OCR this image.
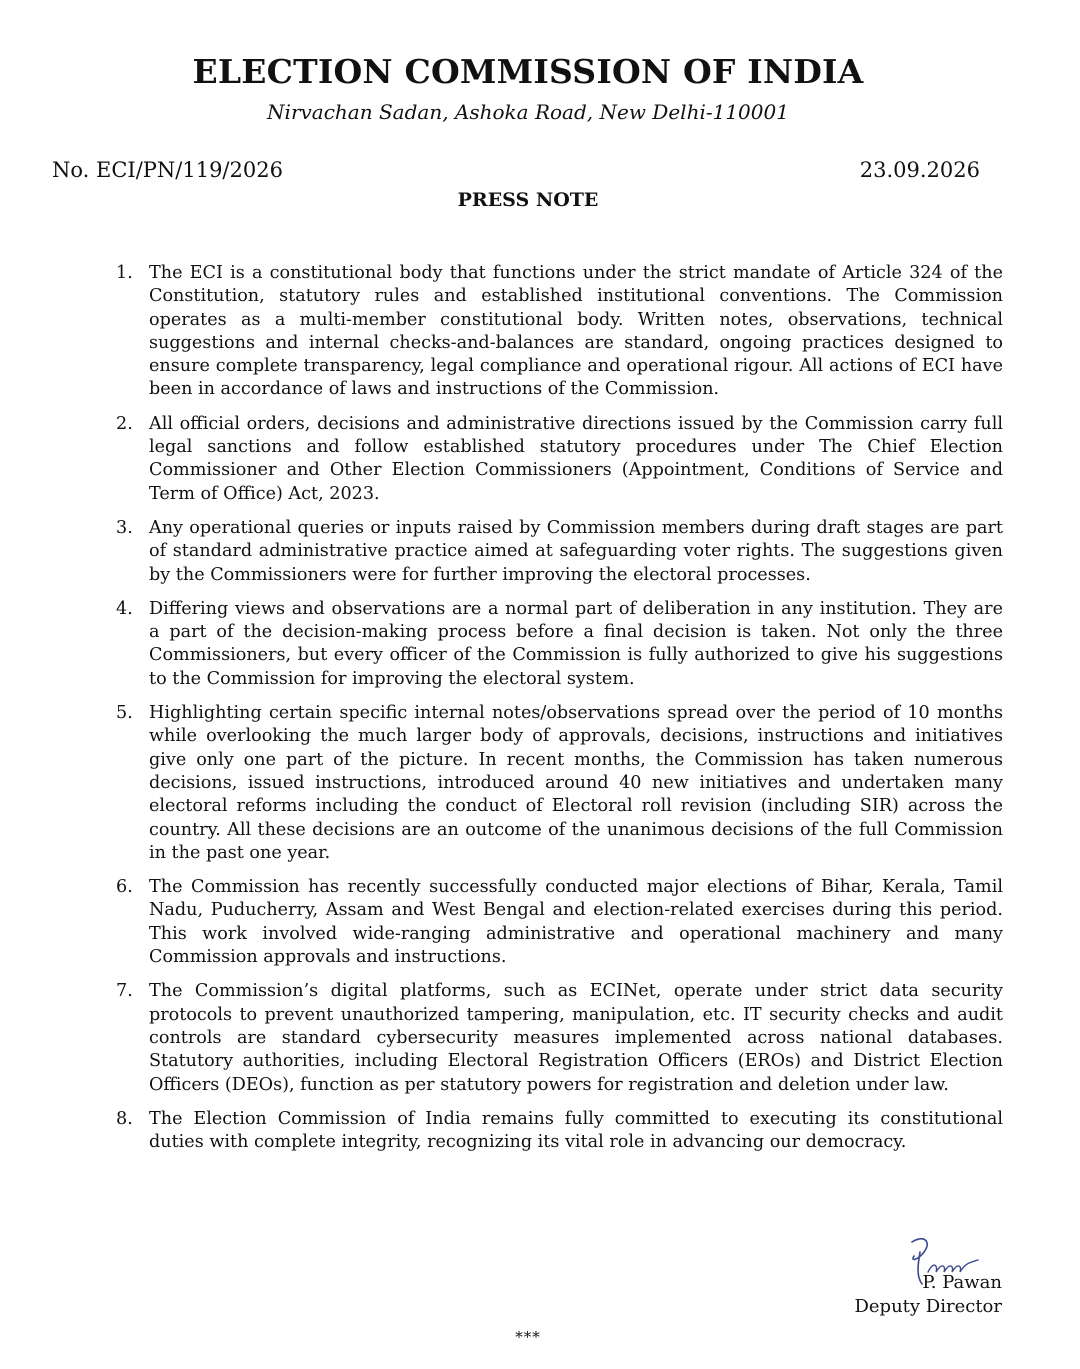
ELECTION COMMISSION OF INDIA

Nirvachan Sadan, Ashoka Road, New Delhi-110001

No. ECI/PN/119/2026	23.09.2026
PRESS NOTE
1. The ECI is a constitutional body that functions under the strict mandate of Article 324 of the Constitution, statutory rules and established institutional conventions. The Commission operates as a multi-member constitutional body. Written notes, observations, technical suggestions and internal checks-and-balances are standard, ongoing practices designed to ensure complete transparency, legal compliance and operational rigour. All actions of ECI have been in accordance of laws and instructions of the Commission.
2. All official orders, decisions and administrative directions issued by the Commission carry full legal sanctions and follow established statutory procedures under The Chief Election Commissioner and Other Election Commissioners (Appointment, Conditions of Service and Term of Office) Act, 2023.
3. Any operational queries or inputs raised by Commission members during draft stages are part of standard administrative practice aimed at safeguarding voter rights. The suggestions given by the Commissioners were for further improving the electoral processes.
4. Differing views and observations are a normal part of deliberation in any institution. They are a part of the decision-making process before a final decision is taken. Not only the three Commissioners, but every officer of the Commission is fully authorized to give his suggestions to the Commission for improving the electoral system.
5. Highlighting certain specific internal notes/observations spread over the period of 10 months while overlooking the much larger body of approvals, decisions, instructions and initiatives give only one part of the picture. In recent months, the Commission has taken numerous decisions, issued instructions, introduced around 40 new initiatives and undertaken many electoral reforms including the conduct of Electoral roll revision (including SIR) across the country. All these decisions are an outcome of the unanimous decisions of the full Commission in the past one year.
6. The Commission has recently successfully conducted major elections of Bihar, Kerala, Tamil Nadu, Puducherry, Assam and West Bengal and election-related exercises during this period. This work involved wide-ranging administrative and operational machinery and many Commission approvals and instructions.
7. The Commission’s digital platforms, such as ECINet, operate under strict data security protocols to prevent unauthorized tampering, manipulation, etc. IT security checks and audit controls are standard cybersecurity measures implemented across national databases. Statutory authorities, including Electoral Registration Officers (EROs) and District Election Officers (DEOs), function as per statutory powers for registration and deletion under law.
8. The Election Commission of India remains fully committed to executing its constitutional duties with complete integrity, recognizing its vital role in advancing our democracy.
P. Pawan
Deputy Director
***
